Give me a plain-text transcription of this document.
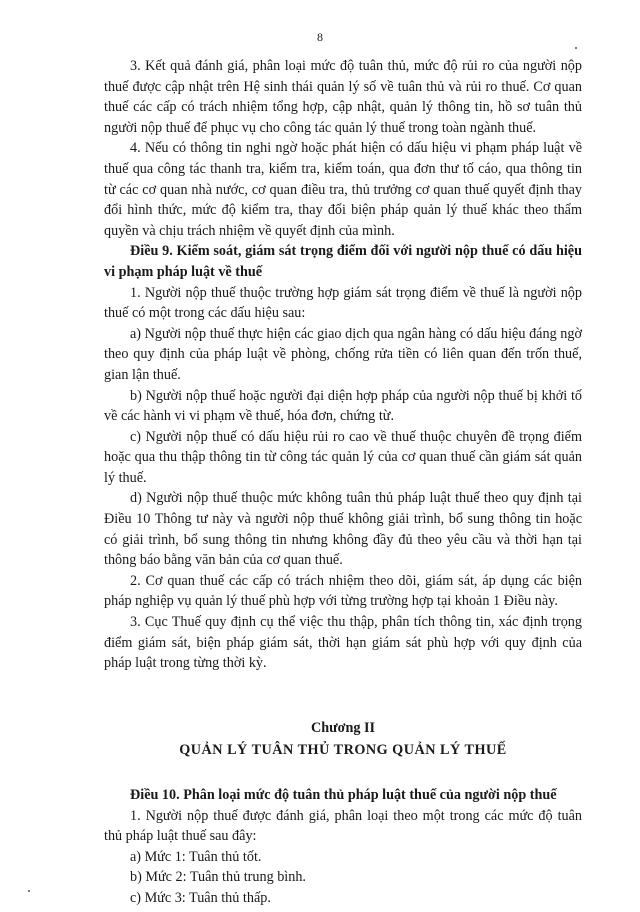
8

3. Kết quả đánh giá, phân loại mức độ tuân thủ, mức độ rủi ro của người nộp thuế được cập nhật trên Hệ sinh thái quản lý số về tuân thủ và rủi ro thuế. Cơ quan thuế các cấp có trách nhiệm tổng hợp, cập nhật, quản lý thông tin, hồ sơ tuân thủ người nộp thuế để phục vụ cho công tác quản lý thuế trong toàn ngành thuế.

4. Nếu có thông tin nghi ngờ hoặc phát hiện có dấu hiệu vi phạm pháp luật về thuế qua công tác thanh tra, kiểm tra, kiểm toán, qua đơn thư tố cáo, qua thông tin từ các cơ quan nhà nước, cơ quan điều tra, thủ trưởng cơ quan thuế quyết định thay đổi hình thức, mức độ kiểm tra, thay đổi biện pháp quản lý thuế khác theo thẩm quyền và chịu trách nhiệm về quyết định của mình.

Điều 9. Kiểm soát, giám sát trọng điểm đối với người nộp thuế có dấu hiệu vi phạm pháp luật về thuế

1. Người nộp thuế thuộc trường hợp giám sát trọng điểm về thuế là người nộp thuế có một trong các dấu hiệu sau:

a) Người nộp thuế thực hiện các giao dịch qua ngân hàng có dấu hiệu đáng ngờ theo quy định của pháp luật về phòng, chống rửa tiền có liên quan đến trốn thuế, gian lận thuế.

b) Người nộp thuế hoặc người đại diện hợp pháp của người nộp thuế bị khởi tố về các hành vi vi phạm về thuế, hóa đơn, chứng từ.

c) Người nộp thuế có dấu hiệu rủi ro cao về thuế thuộc chuyên đề trọng điểm hoặc qua thu thập thông tin từ công tác quản lý của cơ quan thuế cần giám sát quản lý thuế.

d) Người nộp thuế thuộc mức không tuân thủ pháp luật thuế theo quy định tại Điều 10 Thông tư này và người nộp thuế không giải trình, bổ sung thông tin hoặc có giải trình, bổ sung thông tin nhưng không đầy đủ theo yêu cầu và thời hạn tại thông báo bằng văn bản của cơ quan thuế.

2. Cơ quan thuế các cấp có trách nhiệm theo dõi, giám sát, áp dụng các biện pháp nghiệp vụ quản lý thuế phù hợp với từng trường hợp tại khoản 1 Điều này.

3. Cục Thuế quy định cụ thể việc thu thập, phân tích thông tin, xác định trọng điểm giám sát, biện pháp giám sát, thời hạn giám sát phù hợp với quy định của pháp luật trong từng thời kỳ.

Chương II

QUẢN LÝ TUÂN THỦ TRONG QUẢN LÝ THUẾ

Điều 10. Phân loại mức độ tuân thủ pháp luật thuế của người nộp thuế

1. Người nộp thuế được đánh giá, phân loại theo một trong các mức độ tuân thủ pháp luật thuế sau đây:

a) Mức 1: Tuân thủ tốt.

b) Mức 2: Tuân thủ trung bình.

c) Mức 3: Tuân thủ thấp.
